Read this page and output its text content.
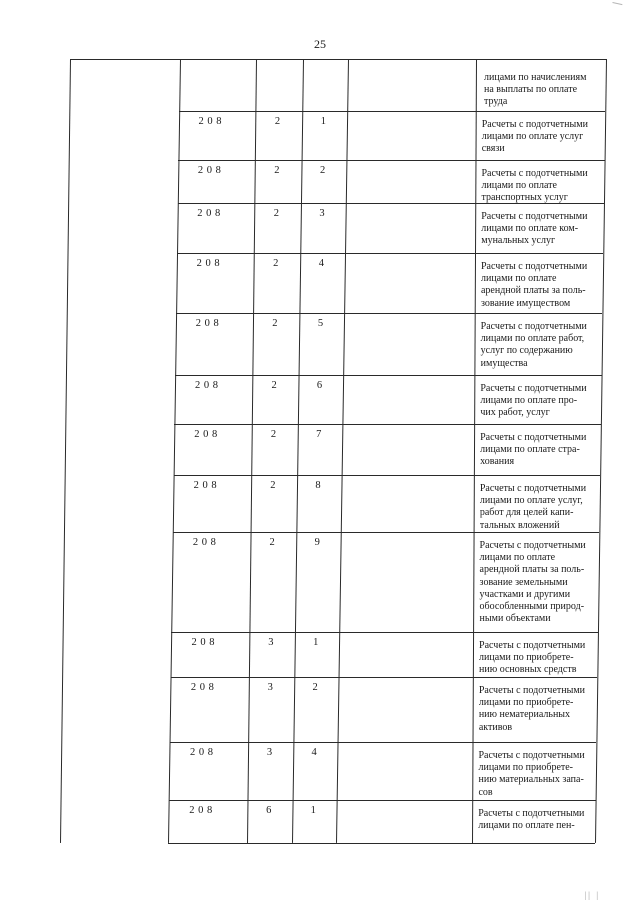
25
|| |
лицами по начислениям
на выплаты по оплате
труда
2 0 8	2	1	Расчеты с подотчетными
лицами по оплате услуг
связи
2 0 8	2	2	Расчеты с подотчетными
лицами по оплате
транспортных услуг
2 0 8	2	3	Расчеты с подотчетными
лицами по оплате ком-
мунальных услуг
2 0 8	2	4	Расчеты с подотчетными
лицами по оплате
арендной платы за поль-
зование имуществом
2 0 8	2	5	Расчеты с подотчетными
лицами по оплате работ,
услуг по содержанию
имущества
2 0 8	2	6	Расчеты с подотчетными
лицами по оплате про-
чих работ, услуг
2 0 8	2	7	Расчеты с подотчетными
лицами по оплате стра-
хования
2 0 8	2	8	Расчеты с подотчетными
лицами по оплате услуг,
работ для целей капи-
тальных вложений
2 0 8	2	9	Расчеты с подотчетными
лицами по оплате
арендной платы за поль-
зование земельными
участками и другими
обособленными природ-
ными объектами
2 0 8	3	1	Расчеты с подотчетными
лицами по приобрете-
нию основных средств
2 0 8	3	2	Расчеты с подотчетными
лицами по приобрете-
нию нематериальных
активов
2 0 8	3	4	Расчеты с подотчетными
лицами по приобрете-
нию материальных запа-
сов
2 0 8	6	1	Расчеты с подотчетными
лицами по оплате пен-
